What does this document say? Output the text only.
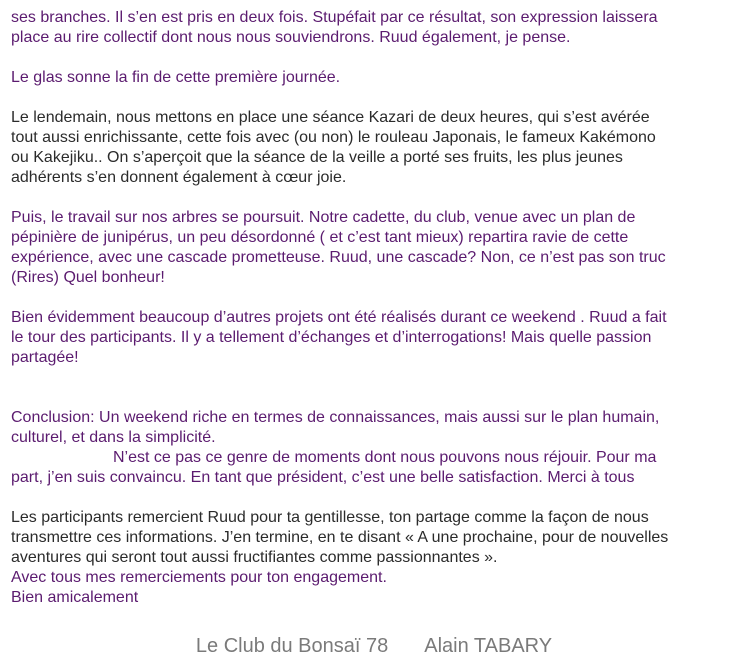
ses branches. Il s’en est pris en deux fois. Stupéfait par ce résultat, son expression laissera
place au rire collectif dont nous nous souviendrons. Ruud également, je pense.

Le glas sonne la fin de cette première journée.

Le lendemain, nous mettons en place une séance Kazari de deux heures, qui s’est avérée
tout aussi enrichissante, cette fois avec (ou non) le rouleau Japonais, le fameux Kakémono
ou Kakejiku.. On s’aperçoit que la séance de la veille a porté ses fruits, les plus jeunes
adhérents s’en donnent également à cœur joie.

Puis, le travail sur nos arbres se poursuit. Notre cadette, du club, venue avec un plan de
pépinière de junipérus, un peu désordonné ( et c’est tant mieux) repartira ravie de cette
expérience, avec une cascade prometteuse. Ruud, une cascade? Non, ce n’est pas son truc
(Rires) Quel bonheur!

Bien évidemment beaucoup d’autres projets ont été réalisés durant ce weekend . Ruud a fait
le tour des participants. Il y a tellement d’échanges et d’interrogations! Mais quelle passion
partagée!

Conclusion: Un weekend riche en termes de connaissances, mais aussi sur le plan humain,
culturel, et dans la simplicité.
N’est ce pas ce genre de moments dont nous pouvons nous réjouir. Pour ma
part, j’en suis convaincu. En tant que président, c’est une belle satisfaction. Merci à tous

Les participants remercient Ruud pour ta gentillesse, ton partage comme la façon de nous
transmettre ces informations. J’en termine, en te disant « A une prochaine, pour de nouvelles
aventures qui seront tout aussi fructifiantes comme passionnantes ».
Avec tous mes remerciements pour ton engagement.
Bien amicalement

Le Club du Bonsaï 78 Alain TABARY
